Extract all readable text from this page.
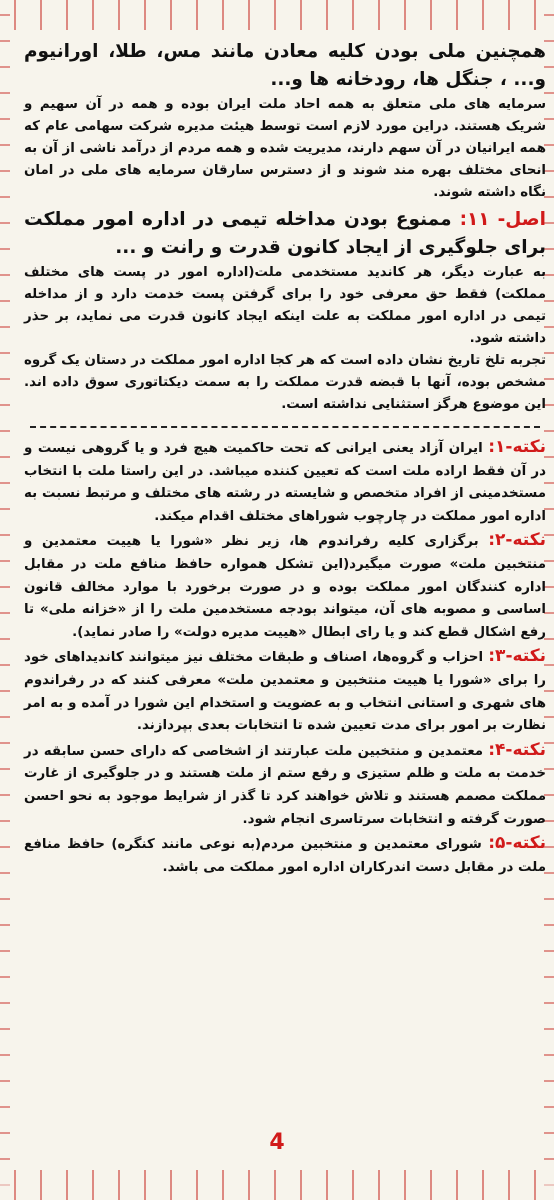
همچنین ملی بودن کلیه معادن مانند مس، طلا، اورانیوم و... ، جنگل ها، رودخانه ها و...

سرمایه های ملی متعلق به همه احاد ملت ایران بوده و همه در آن سهیم و شریک هستند. دراین مورد لازم است توسط هیئت مدیره شرکت سهامی عام که همه ایرانیان در آن سهم دارند، مدیریت شده و همه مردم از درآمد ناشی از آن به انحای مختلف بهره مند شوند و از دسترس سارقان سرمایه های ملی در امان نگاه داشته شوند.

اصل- ۱۱: ممنوع بودن مداخله تیمی در اداره امور مملکت برای جلوگیری از ایجاد کانون قدرت و رانت و ...

به عبارت دیگر، هر کاندید مستخدمی ملت(اداره امور در پست های مختلف مملکت) فقط حق معرفی خود را برای گرفتن پست خدمت دارد و از مداخله تیمی در اداره امور مملکت به علت اینکه ایجاد کانون قدرت می نماید، بر حذر داشته شود.

تجربه تلخ تاریخ نشان داده است که هر کجا اداره امور مملکت در دستان یک گروه مشخص بوده، آنها با قبضه قدرت مملکت را به سمت دیکتاتوری سوق داده اند. این موضوع هرگز استثنایی نداشته است.

نکته-۱: ایران آزاد یعنی ایرانی که تحت حاکمیت هیچ فرد و یا گروهی نیست و در آن فقط اراده ملت است که تعیین کننده میباشد. در این راستا ملت با انتخاب مستخدمینی از افراد متخصص و شایسته در رشته های مختلف و مرتبط نسبت به اداره امور مملکت در چارچوب شوراهای مختلف اقدام میکند.

نکته-۲: برگزاری کلیه رفراندوم ها، زیر نظر «شورا یا هییت معتمدین و منتخبین ملت» صورت میگیرد(این تشکل همواره حافظ منافع ملت در مقابل اداره کنندگان امور مملکت بوده و در صورت برخورد با موارد مخالف قانون اساسی و مصوبه های آن، میتواند بودجه مستخدمین ملت را از «خزانه ملی» تا رفع اشکال قطع کند و یا رای ابطال «هییت مدیره دولت» را صادر نماید).

نکته-۳: احزاب و گروه‌ها، اصناف و طبقات مختلف نیز میتوانند کاندیداهای خود را برای «شورا یا هییت منتخبین و معتمدین ملت» معرفی کنند که در رفراندوم های شهری و استانی انتخاب و به عضویت و استخدام این شورا در آمده و به امر نظارت بر امور برای مدت تعیین شده تا انتخابات بعدی بپردازند.

نکته-۴: معتمدین و منتخبین ملت عبارتند از اشخاصی که دارای حسن سابقه در خدمت به ملت و ظلم ستیزی و رفع ستم از ملت هستند و در جلوگیری از غارت مملکت مصمم هستند و تلاش خواهند کرد تا گذر از شرایط موجود به نحو احسن صورت گرفته و انتخابات سرتاسری انجام شود.

نکته-۵: شورای معتمدین و منتخبین مردم(به نوعی مانند کنگره) حافظ منافع ملت در مقابل دست اندرکاران اداره امور مملکت می باشد.

4
